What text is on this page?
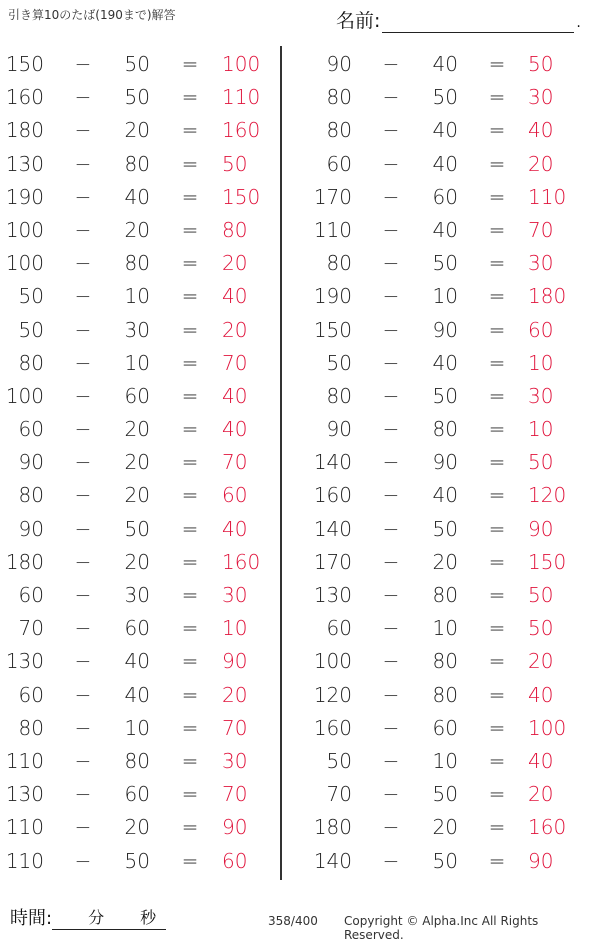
引き算10のたば(190まで)解答	名前:	.
150	−	50	=	100
160	−	50	=	110
180	−	20	=	160
130	−	80	=	50
190	−	40	=	150
100	−	20	=	80
100	−	80	=	20
50	−	10	=	40
50	−	30	=	20
80	−	10	=	70
100	−	60	=	40
60	−	20	=	40
90	−	20	=	70
80	−	20	=	60
90	−	50	=	40
180	−	20	=	160
60	−	30	=	30
70	−	60	=	10
130	−	40	=	90
60	−	40	=	20
80	−	10	=	70
110	−	80	=	30
130	−	60	=	70
110	−	20	=	90
110	−	50	=	60
90	−	40	=	50
80	−	50	=	30
80	−	40	=	40
60	−	40	=	20
170	−	60	=	110
110	−	40	=	70
80	−	50	=	30
190	−	10	=	180
150	−	90	=	60
50	−	40	=	10
80	−	50	=	30
90	−	80	=	10
140	−	90	=	50
160	−	40	=	120
140	−	50	=	90
170	−	20	=	150
130	−	80	=	50
60	−	10	=	50
100	−	80	=	20
120	−	80	=	40
160	−	60	=	100
50	−	10	=	40
70	−	50	=	20
180	−	20	=	160
140	−	50	=	90
時間: 分 秒	358/400 Copyright © Alpha.Inc All Rights Reserved.
